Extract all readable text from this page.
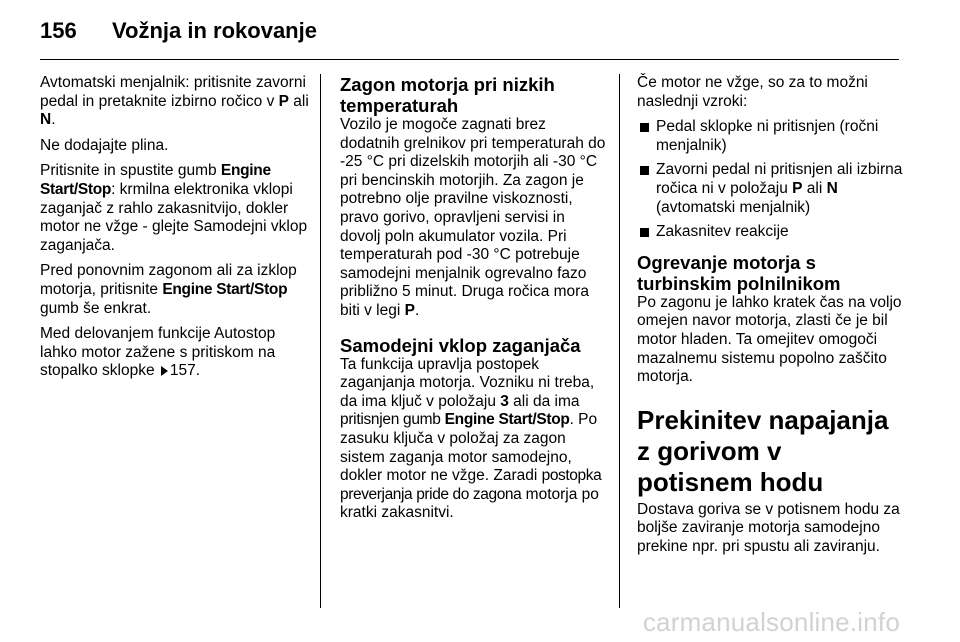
156	Vožnja in rokovanje

Avtomatski menjalnik: pritisnite zavorni pedal in pretaknite izbirno ročico v P ali N.

Ne dodajajte plina.

Pritisnite in spustite gumb Engine Start/Stop: krmilna elektronika vklopi zaganjač z rahlo zakasnitvijo, dokler motor ne vžge - glejte Samodejni vklop zaganjača.

Pred ponovnim zagonom ali za izklop motorja, pritisnite Engine Start/Stop gumb še enkrat.

Med delovanjem funkcije Autostop lahko motor zažene s pritiskom na stopalko sklopke 157.

Zagon motorja pri nizkih temperaturah

Vozilo je mogoče zagnati brez dodatnih grelnikov pri temperaturah do -25 °C pri dizelskih motorjih ali -30 °C pri bencinskih motorjih. Za zagon je potrebno olje pravilne viskoznosti, pravo gorivo, opravljeni servisi in dovolj poln akumulator vozila. Pri temperaturah pod -30 °C potrebuje samodejni menjalnik ogrevalno fazo približno 5 minut. Druga ročica mora biti v legi P.

Samodejni vklop zaganjača

Ta funkcija upravlja postopek zaganjanja motorja. Vozniku ni treba, da ima ključ v položaju 3 ali da ima pritisnjen gumb Engine Start/Stop. Po zasuku ključa v položaj za zagon sistem zaganja motor samodejno, dokler motor ne vžge. Zaradi postopka preverjanja pride do zagona motorja po kratki zakasnitvi.

Če motor ne vžge, so za to možni naslednji vzroki:

Pedal sklopke ni pritisnjen (ročni menjalnik)
Zavorni pedal ni pritisnjen ali izbirna ročica ni v položaju P ali N (avtomatski menjalnik)
Zakasnitev reakcije
Ogrevanje motorja s turbinskim polnilnikom

Po zagonu je lahko kratek čas na voljo omejen navor motorja, zlasti če je bil motor hladen. Ta omejitev omogoči mazalnemu sistemu popolno zaščito motorja.

Prekinitev napajanja z gorivom v potisnem hodu

Dostava goriva se v potisnem hodu za boljše zaviranje motorja samodejno prekine npr. pri spustu ali zaviranju.

carmanualsonline.info
